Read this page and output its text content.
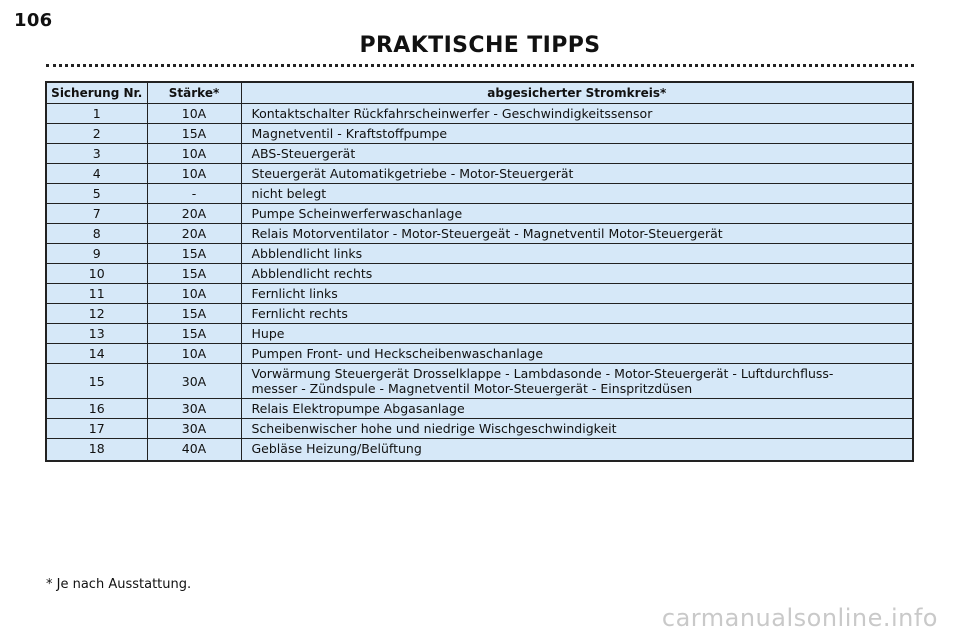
106
PRAKTISCHE TIPPS
Sicherung Nr.	Stärke*	abgesicherter Stromkreis*
1	10A	Kontaktschalter Rückfahrscheinwerfer - Geschwindigkeitssensor

2	15A	Magnetventil - Kraftstoffpumpe

3	10A	ABS-Steuergerät

4	10A	Steuergerät Automatikgetriebe - Motor-Steuergerät

5	-	nicht belegt

7	20A	Pumpe Scheinwerferwaschanlage

8	20A	Relais Motorventilator - Motor-Steuergeät - Magnetventil Motor-Steuergerät

9	15A	Abblendlicht links

10	15A	Abblendlicht rechts

11	10A	Fernlicht links

12	15A	Fernlicht rechts

13	15A	Hupe

14	10A	Pumpen Front- und Heckscheibenwaschanlage

15	30A	Vorwärmung Steuergerät Drosselklappe - Lambdasonde - Motor-Steuergerät - Luftdurchfluss-
messer - Zündspule - Magnetventil Motor-Steuergerät - Einspritzdüsen

16	30A	Relais Elektropumpe Abgasanlage

17	30A	Scheibenwischer hohe und niedrige Wischgeschwindigkeit

18	40A	Gebläse Heizung/Belüftung
* Je nach Ausstattung.
carmanualsonline.info
